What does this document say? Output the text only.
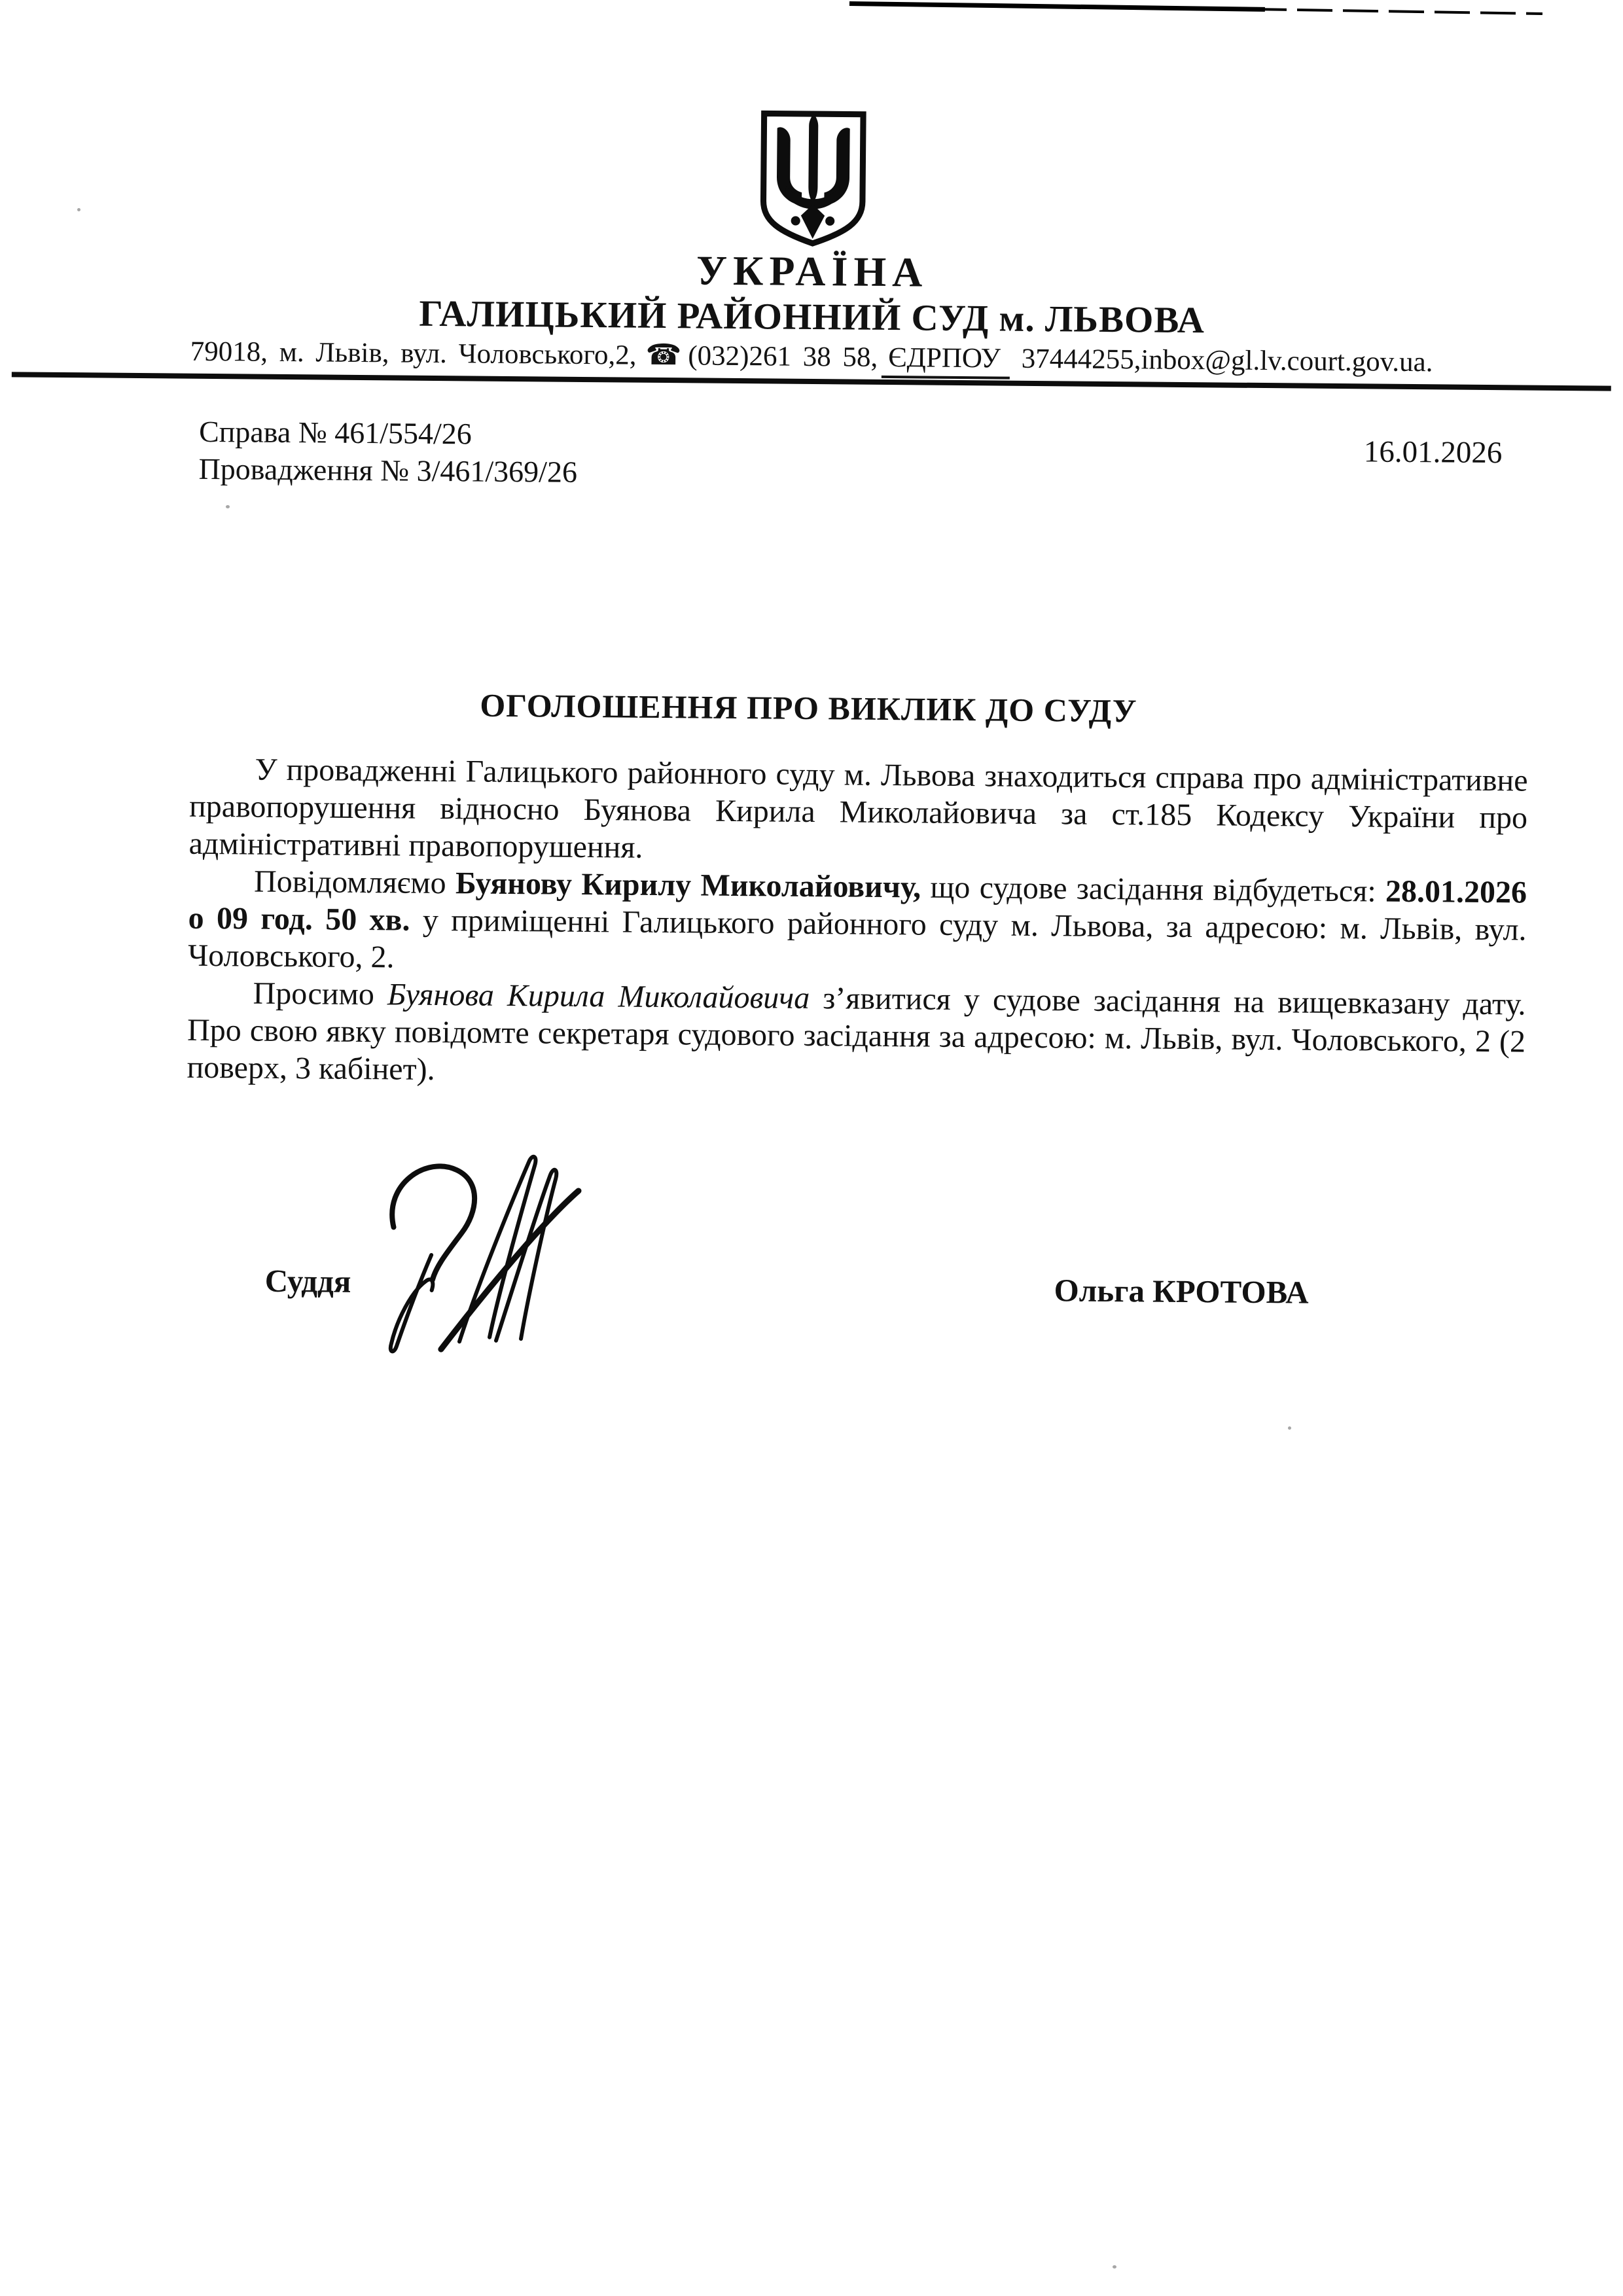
УКРАЇНА
ГАЛИЦЬКИЙ РАЙОННИЙ СУД м. ЛЬВОВА
79018, м. Львів, вул. Чоловського,2, ☎ (032)261 38 58, ЄДРПОУ 37444255,inbox@gl.lv.court.gov.ua.
Справа № 461/554/26
Провадження № 3/461/369/26	16.01.2026
ОГОЛОШЕННЯ ПРО ВИКЛИК ДО СУДУ

У провадженні Галицького районного суду м. Львова знаходиться справа про адміністративне правопорушення відносно Буянова Кирила Миколайовича за ст.185 Кодексу України про адміністративні правопорушення.

Повідомляємо Буянову Кирилу Миколайовичу, що судове засідання відбудеться: 28.01.2026 о 09 год. 50 хв. у приміщенні Галицького районного суду м. Львова, за адресою: м. Львів, вул. Чоловського, 2.

Просимо Буянова Кирила Миколайовича з’явитися у судове засідання на вищевказану дату. Про свою явку повідомте секретаря судового засідання за адресою: м. Львів, вул. Чоловського, 2 (2 поверх, 3 кабінет).

Суддя	Ольга КРОТОВА
